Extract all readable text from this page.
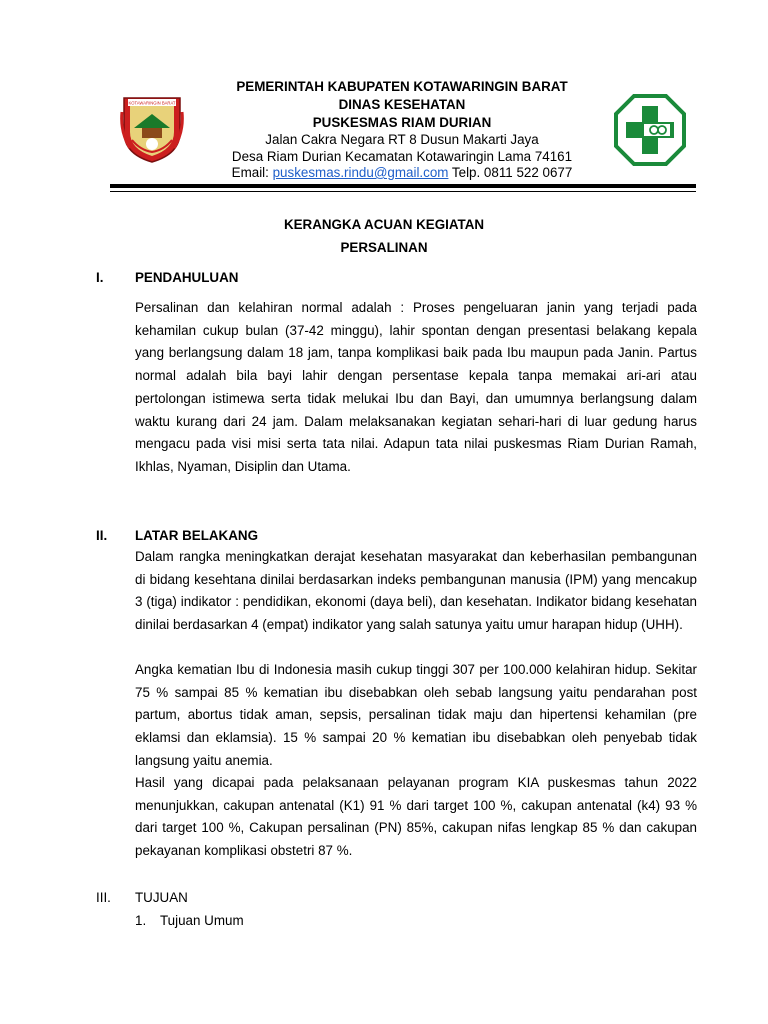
KOTAWARINGIN BARAT
PEMERINTAH KABUPATEN KOTAWARINGIN BARAT
DINAS KESEHATAN
PUSKESMAS RIAM DURIAN
Jalan Cakra Negara RT 8 Dusun Makarti Jaya
Desa Riam Durian Kecamatan Kotawaringin Lama 74161
Email: puskesmas.rindu@gmail.com Telp. 0811 522 0677
KERANGKA ACUAN KEGIATAN
PERSALINAN
I. PENDAHULUAN

Persalinan dan kelahiran normal adalah : Proses pengeluaran janin yang terjadi pada kehamilan cukup bulan (37-42 minggu), lahir spontan dengan presentasi belakang kepala yang berlangsung dalam 18 jam, tanpa komplikasi baik pada Ibu maupun pada Janin. Partus normal adalah bila bayi lahir dengan persentase kepala tanpa memakai ari-ari atau pertolongan istimewa serta tidak melukai Ibu dan Bayi, dan umumnya berlangsung dalam waktu kurang dari 24 jam. Dalam melaksanakan kegiatan sehari-hari di luar gedung harus mengacu pada visi misi serta tata nilai. Adapun tata nilai puskesmas Riam Durian Ramah, Ikhlas, Nyaman, Disiplin dan Utama.

II. LATAR BELAKANG

Dalam rangka meningkatkan derajat kesehatan masyarakat dan keberhasilan pembangunan di bidang kesehtana dinilai berdasarkan indeks pembangunan manusia (IPM) yang mencakup 3 (tiga) indikator : pendidikan, ekonomi (daya beli), dan kesehatan. Indikator bidang kesehatan dinilai berdasarkan 4 (empat) indikator yang salah satunya yaitu umur harapan hidup (UHH).

Angka kematian Ibu di Indonesia masih cukup tinggi 307 per 100.000 kelahiran hidup. Sekitar 75 % sampai 85 % kematian ibu disebabkan oleh sebab langsung yaitu pendarahan post partum, abortus tidak aman, sepsis, persalinan tidak maju dan hipertensi kehamilan (pre eklamsi dan eklamsia). 15 % sampai 20 % kematian ibu disebabkan oleh penyebab tidak langsung yaitu anemia.

Hasil yang dicapai pada pelaksanaan pelayanan program KIA puskesmas tahun 2022 menunjukkan, cakupan antenatal (K1) 91 % dari target 100 %, cakupan antenatal (k4) 93 % dari target 100 %, Cakupan persalinan (PN) 85%, cakupan nifas lengkap 85 % dan cakupan pekayanan komplikasi obstetri 87 %.

III. TUJUAN
1. Tujuan Umum
